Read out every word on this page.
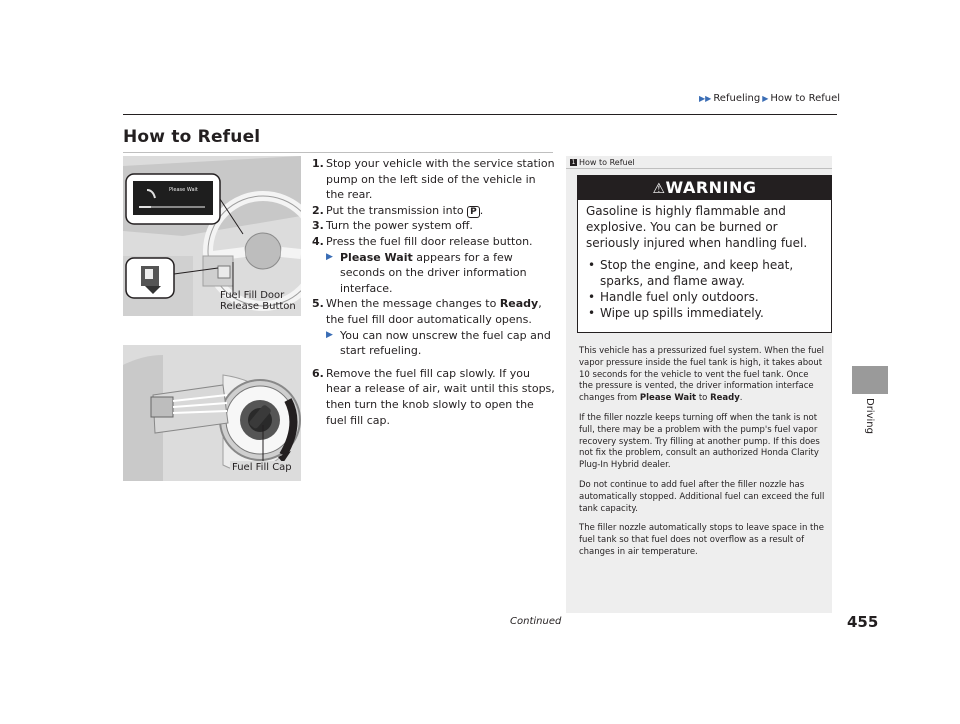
▶▶ Refueling ▶ How to Refuel
How to Refuel
Driving
Please Wait
Fuel Fill Door
Release Button
Fuel Fill Cap
1. Stop your vehicle with the service station pump on the left side of the vehicle in the rear.
2. Put the transmission into P .
3. Turn the power system off.
4. Press the fuel fill door release button.
▶ Please Wait appears for a few seconds on the driver information interface.
5. When the message changes to Ready, the fuel fill door automatically opens.
▶ You can now unscrew the fuel cap and start refueling.
6. Remove the fuel fill cap slowly. If you hear a release of air, wait until this stops, then turn the knob slowly to open the fuel fill cap.
1 How to Refuel
⚠WARNING

Gasoline is highly flammable and explosive. You can be burned or seriously injured when handling fuel.

• Stop the engine, and keep heat, sparks, and flame away.
• Handle fuel only outdoors.
• Wipe up spills immediately.

This vehicle has a pressurized fuel system. When the fuel vapor pressure inside the fuel tank is high, it takes about 10 seconds for the vehicle to vent the fuel tank. Once the pressure is vented, the driver information interface changes from Please Wait to Ready.

If the filler nozzle keeps turning off when the tank is not full, there may be a problem with the pump's fuel vapor recovery system. Try filling at another pump. If this does not fix the problem, consult an authorized Honda Clarity Plug-In Hybrid dealer.

Do not continue to add fuel after the filler nozzle has automatically stopped. Additional fuel can exceed the full tank capacity.

The filler nozzle automatically stops to leave space in the fuel tank so that fuel does not overflow as a result of changes in air temperature.

Continued	455
